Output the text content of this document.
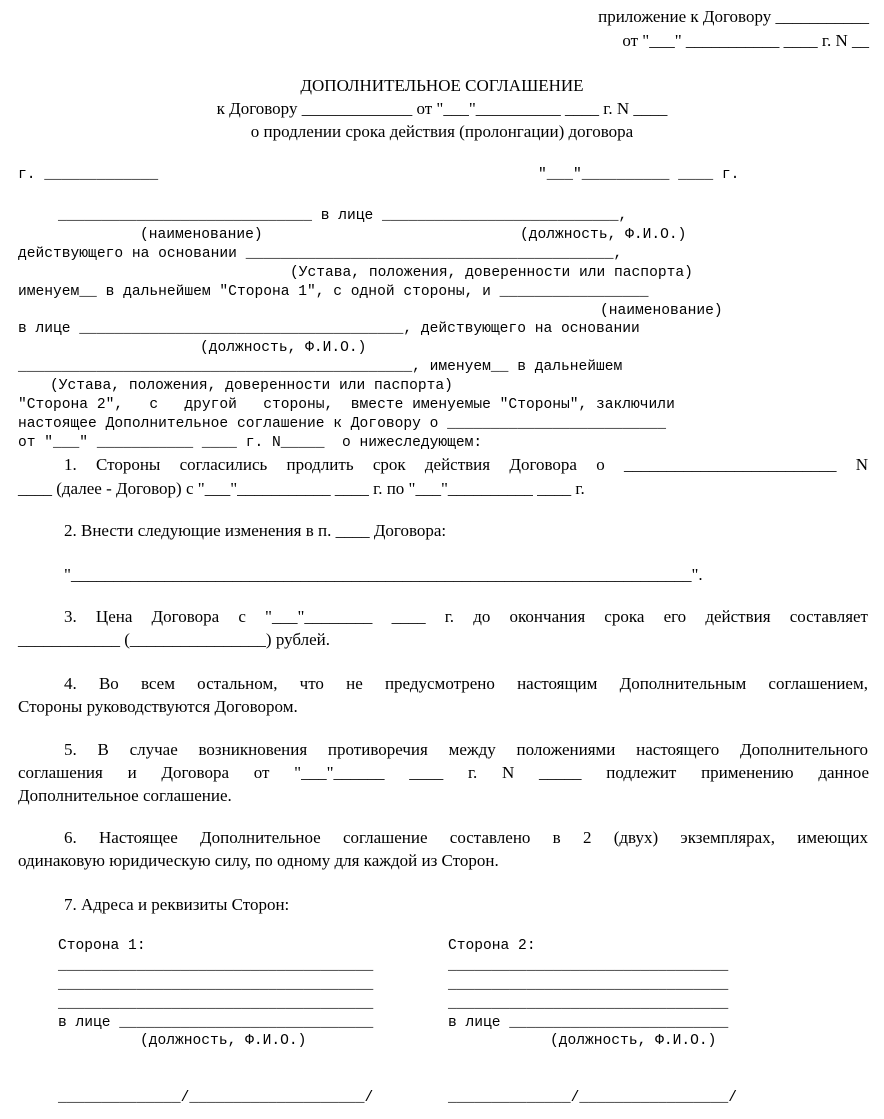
приложение к Договору ___________
от "___" ___________ ____ г. N __
ДОПОЛНИТЕЛЬНОЕ СОГЛАШЕНИЕ
к Договору _____________ от "___"__________ ____ г. N ____
о продлении срока действия (пролонгации) договора
г. _____________	"___"__________ ____ г.
_____________________________ в лице ___________________________,
(наименование)	(должность, Ф.И.О.)
действующего на основании __________________________________________,
(Устава, положения, доверенности или паспорта)
именуем__ в дальнейшем "Сторона 1", с одной стороны, и _________________
(наименование)
в лице _____________________________________, действующего на основании
(должность, Ф.И.О.)
_____________________________________________, именуем__ в дальнейшем
(Устава, положения, доверенности или паспорта)
"Сторона 2",   с   другой   стороны,  вместе именуемые "Стороны", заключили
настоящее Дополнительное соглашение к Договору о _________________________
от "___" ___________ ____ г. N_____  о нижеследующем:
1. Стороны согласились продлить срок действия Договора о _________________________ N
____ (далее - Договор) с "___"___________ ____ г. по "___"__________ ____ г.
2. Внести следующие изменения в п. ____ Договора:
"_________________________________________________________________________".
3. Цена Договора с "___"________ ____ г. до окончания срока его действия составляет
____________ (________________) рублей.
4. Во всем остальном, что не предусмотрено настоящим Дополнительным соглашением,
Стороны руководствуются Договором.
5. В случае возникновения противоречия между положениями настоящего Дополнительного
соглашения и Договора от "___"______ ____ г. N _____ подлежит применению данное
Дополнительное соглашение.
6. Настоящее Дополнительное соглашение составлено в 2 (двух) экземплярах, имеющих
одинаковую юридическую силу, по одному для каждой из Сторон.
7. Адреса и реквизиты Сторон:
Сторона 1:
____________________________________
____________________________________
____________________________________
в лице _____________________________
(должность, Ф.И.О.)
______________/____________________/
Сторона 2:
________________________________
________________________________
________________________________
в лице _________________________
(должность, Ф.И.О.)
______________/_________________/
